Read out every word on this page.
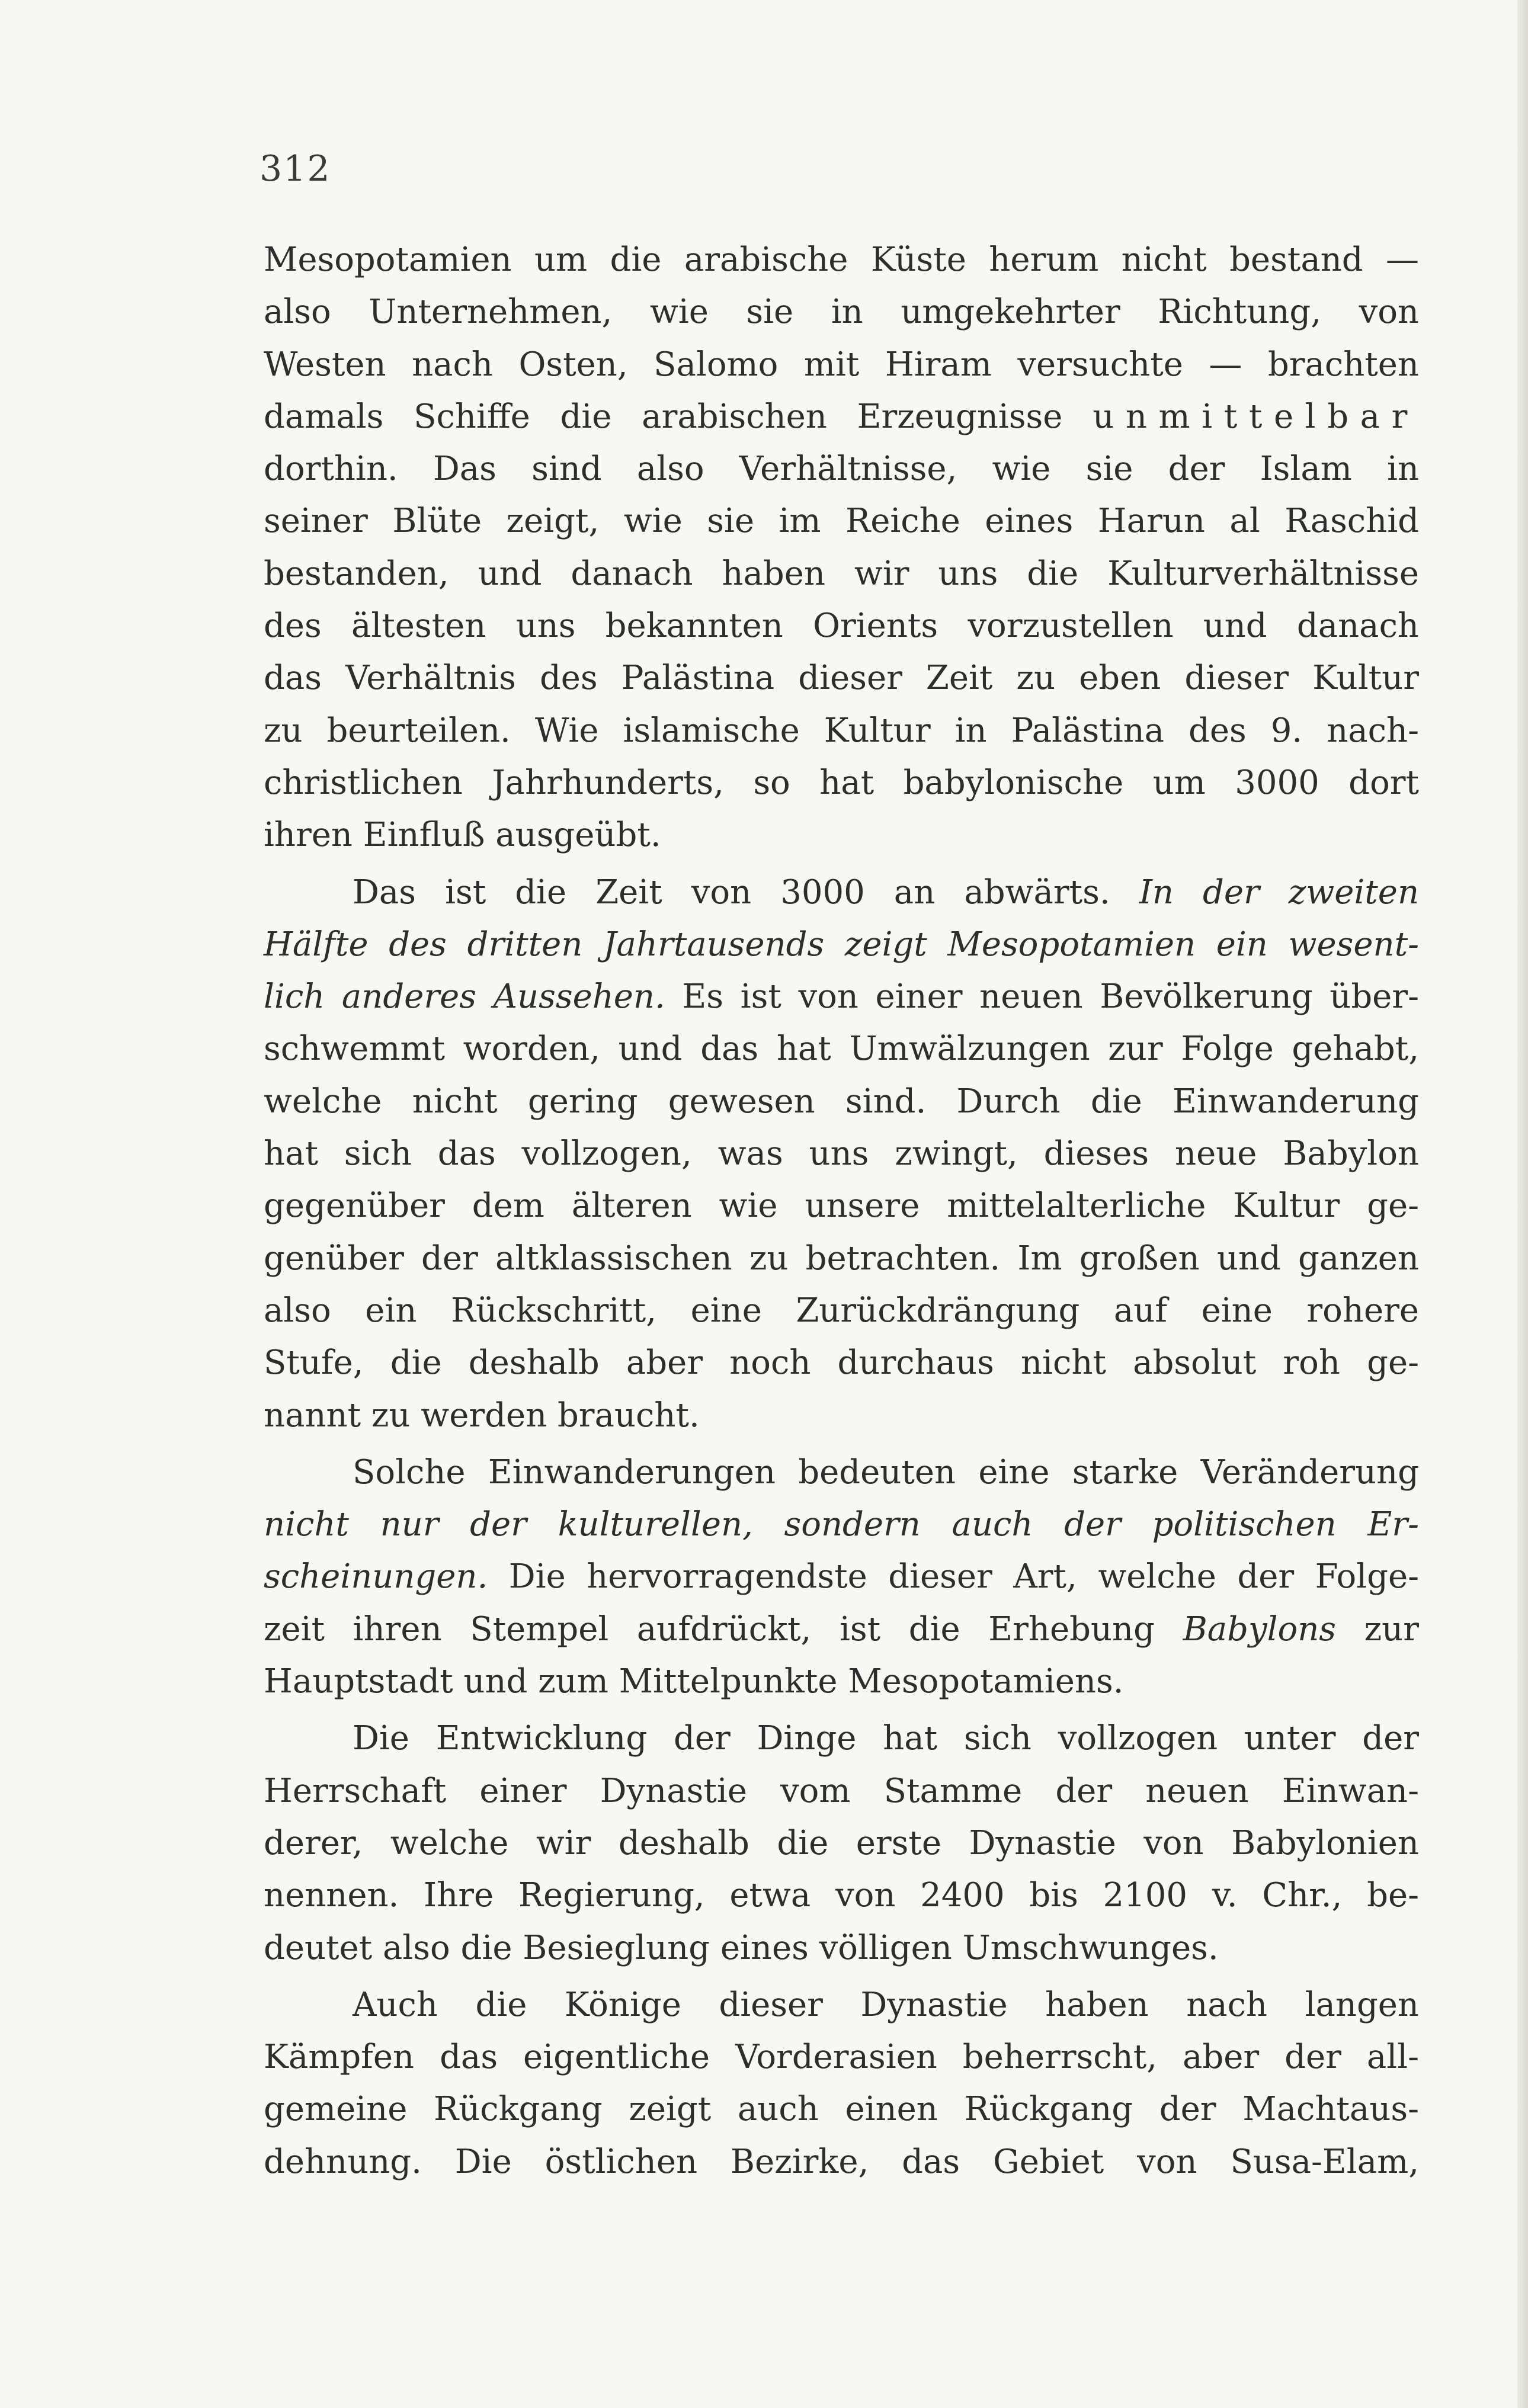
312
Mesopotamien um die arabische Küste herum nicht bestand —
also Unternehmen, wie sie in umgekehrter Richtung, von
Westen nach Osten, Salomo mit Hiram versuchte — brachten
damals Schiffe die arabischen Erzeugnisse unmittelbar
dorthin. Das sind also Verhältnisse, wie sie der Islam in
seiner Blüte zeigt, wie sie im Reiche eines Harun al Raschid
bestanden, und danach haben wir uns die Kulturverhältnisse
des ältesten uns bekannten Orients vorzustellen und danach
das Verhältnis des Palästina dieser Zeit zu eben dieser Kultur
zu beurteilen. Wie islamische Kultur in Palästina des 9. nach-
christlichen Jahrhunderts, so hat babylonische um 3000 dort
ihren Einfluß ausgeübt.
Das ist die Zeit von 3000 an abwärts. In der zweiten
Hälfte des dritten Jahrtausends zeigt Mesopotamien ein wesent-
lich anderes Aussehen. Es ist von einer neuen Bevölkerung über-
schwemmt worden, und das hat Umwälzungen zur Folge gehabt,
welche nicht gering gewesen sind. Durch die Einwanderung
hat sich das vollzogen, was uns zwingt, dieses neue Babylon
gegenüber dem älteren wie unsere mittelalterliche Kultur ge-
genüber der altklassischen zu betrachten. Im großen und ganzen
also ein Rückschritt, eine Zurückdrängung auf eine rohere
Stufe, die deshalb aber noch durchaus nicht absolut roh ge-
nannt zu werden braucht.
Solche Einwanderungen bedeuten eine starke Veränderung
nicht nur der kulturellen, sondern auch der politischen Er-
scheinungen. Die hervorragendste dieser Art, welche der Folge-
zeit ihren Stempel aufdrückt, ist die Erhebung Babylons zur
Hauptstadt und zum Mittelpunkte Mesopotamiens.
Die Entwicklung der Dinge hat sich vollzogen unter der
Herrschaft einer Dynastie vom Stamme der neuen Einwan-
derer, welche wir deshalb die erste Dynastie von Babylonien
nennen. Ihre Regierung, etwa von 2400 bis 2100 v. Chr., be-
deutet also die Besieglung eines völligen Umschwunges.
Auch die Könige dieser Dynastie haben nach langen
Kämpfen das eigentliche Vorderasien beherrscht, aber der all-
gemeine Rückgang zeigt auch einen Rückgang der Machtaus-
dehnung. Die östlichen Bezirke, das Gebiet von Susa-Elam,
